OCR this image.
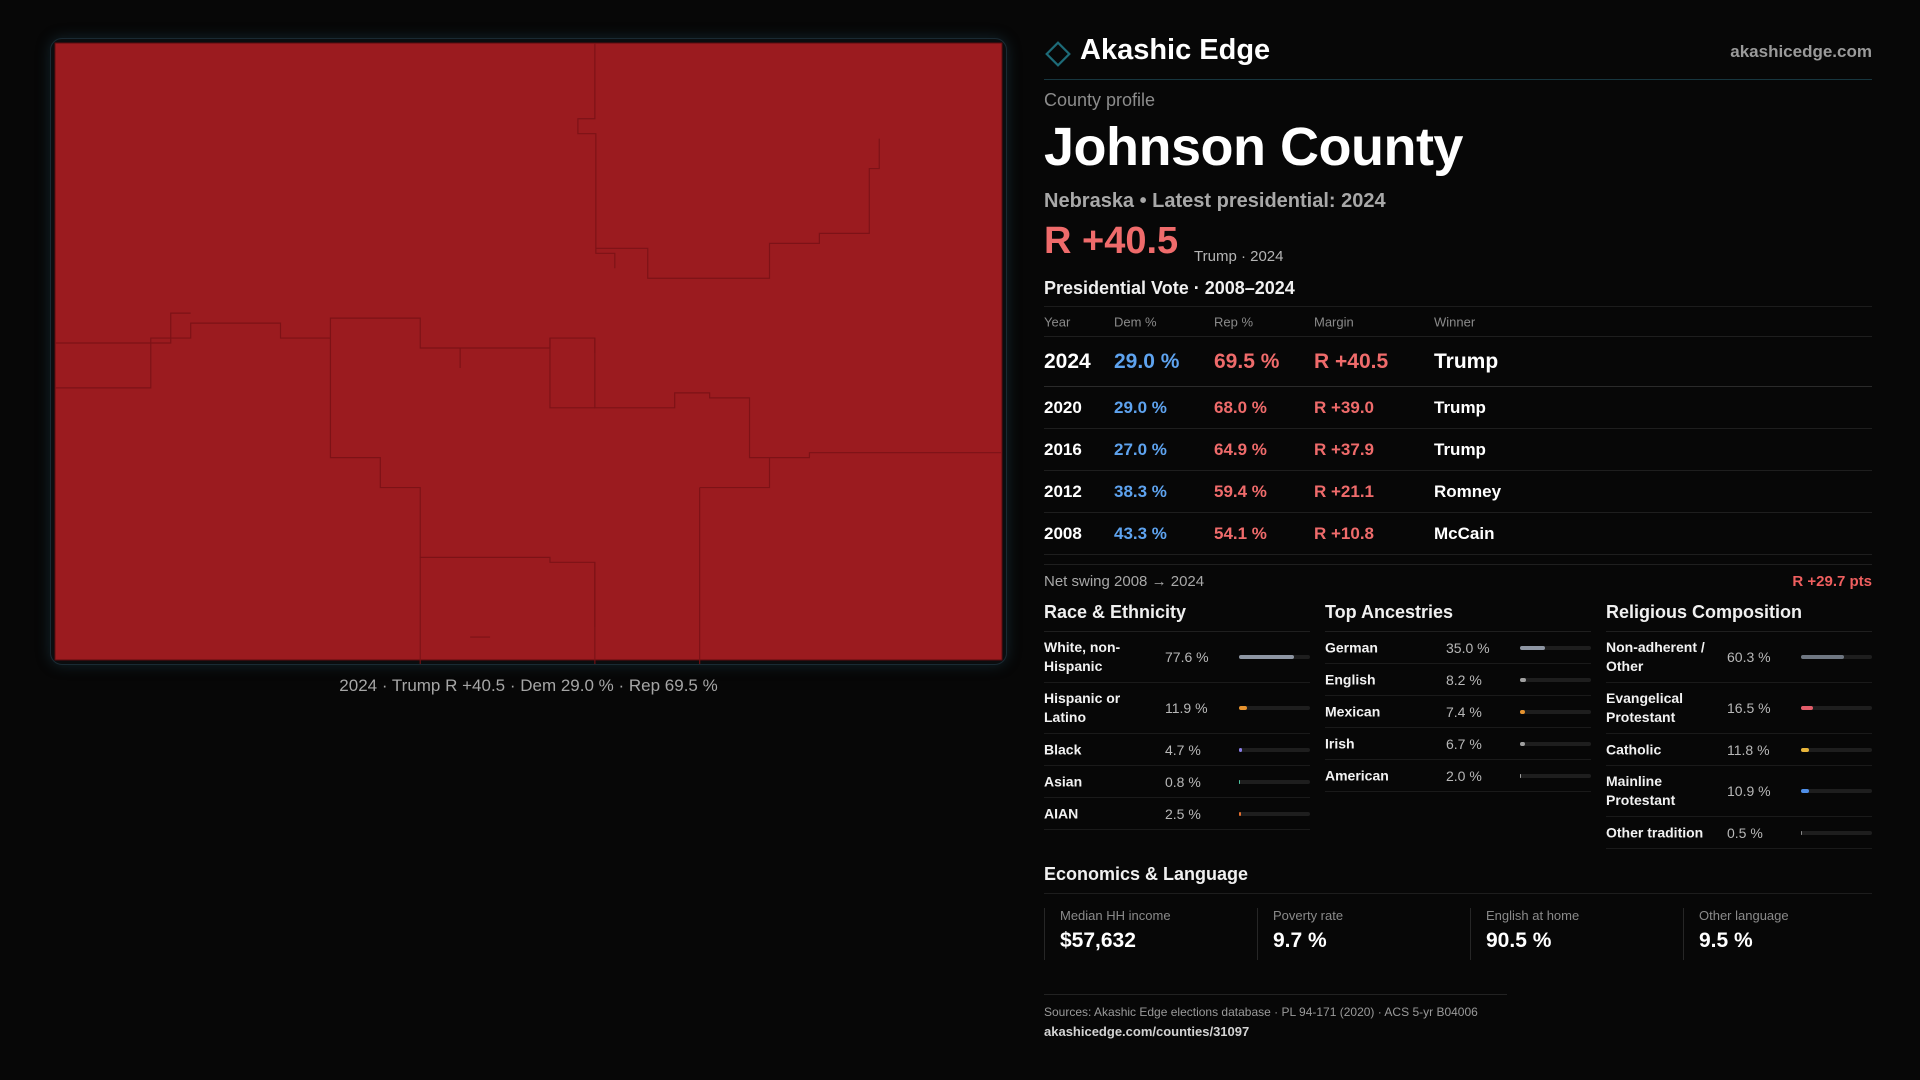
2024 · Trump R +40.5 · Dem 29.0 % · Rep 69.5 %
Akashic Edge	akashicedge.com
County profile
Johnson County
Nebraska • Latest presidential: 2024
R +40.5 Trump · 2024
Presidential Vote · 2008–2024
Year	Dem %	Rep %	Margin	Winner
2024 29.0 % 69.5 % R +40.5 Trump
2020 29.0 %	68.0 %	R +39.0	Trump
2016 27.0 %	64.9 %	R +37.9	Trump
2012 38.3 %	59.4 %	R +21.1	Romney
2008 43.3 %	54.1 %	R +10.8	McCain
Net swing 2008 → 2024	R +29.7 pts
Race & Ethnicity
White, non-Hispanic
77.6 %
Hispanic or Latino
11.9 %
Black	4.7 %
Asian	0.8 %
AIAN	2.5 %
Top Ancestries
German	35.0 %
English	8.2 %
Mexican	7.4 %
Irish	6.7 %
American	2.0 %
Religious Composition
Non-adherent / Other
60.3 %
Evangelical Protestant
16.5 %
Catholic	11.8 %
Mainline Protestant
10.9 %
Other tradition	0.5 %
Economics & Language
Median HH income
$57,632
Poverty rate
9.7 %
English at home
90.5 %
Other language
9.5 %
Sources: Akashic Edge elections database · PL 94-171 (2020) · ACS 5-yr B04006
akashicedge.com/counties/31097
